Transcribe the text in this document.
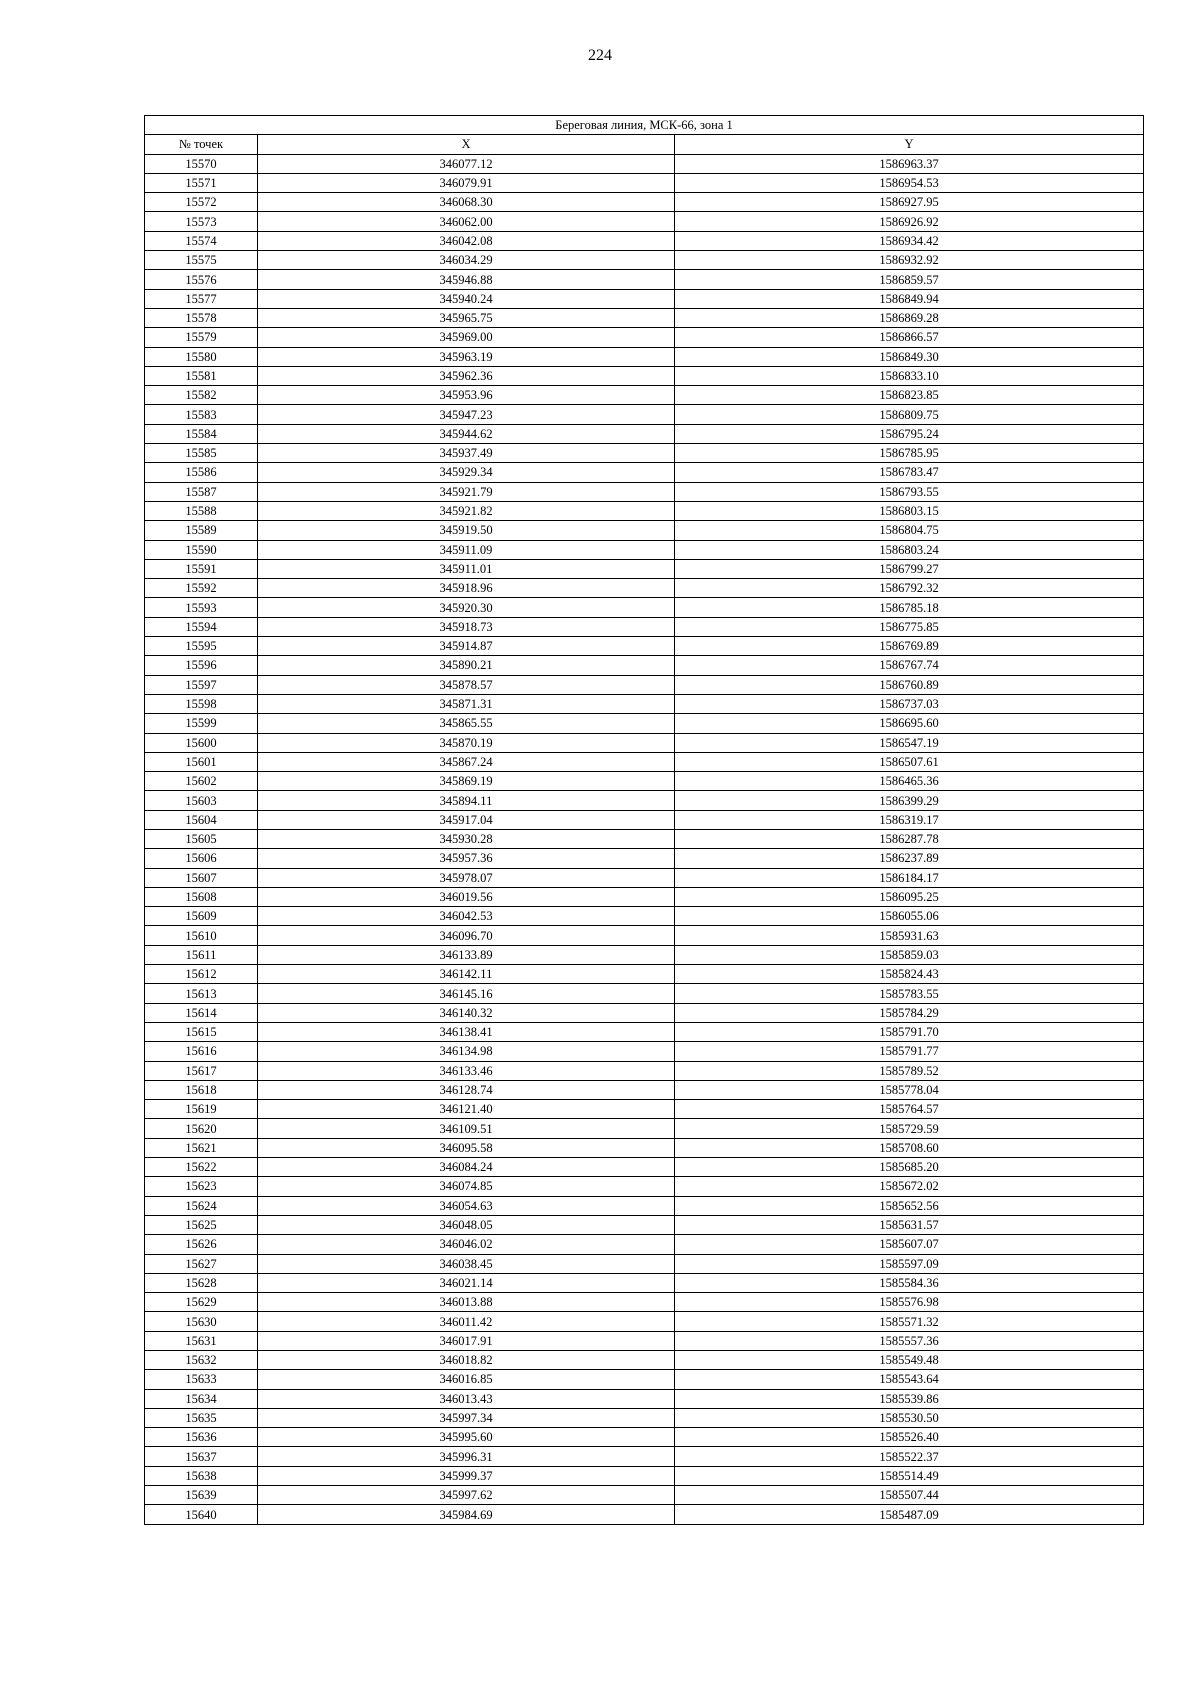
224
Береговая линия, МСК-66, зона 1		
№ точек	X	Y
15570	346077.12	1586963.37
15571	346079.91	1586954.53
15572	346068.30	1586927.95
15573	346062.00	1586926.92
15574	346042.08	1586934.42
15575	346034.29	1586932.92
15576	345946.88	1586859.57
15577	345940.24	1586849.94
15578	345965.75	1586869.28
15579	345969.00	1586866.57
15580	345963.19	1586849.30
15581	345962.36	1586833.10
15582	345953.96	1586823.85
15583	345947.23	1586809.75
15584	345944.62	1586795.24
15585	345937.49	1586785.95
15586	345929.34	1586783.47
15587	345921.79	1586793.55
15588	345921.82	1586803.15
15589	345919.50	1586804.75
15590	345911.09	1586803.24
15591	345911.01	1586799.27
15592	345918.96	1586792.32
15593	345920.30	1586785.18
15594	345918.73	1586775.85
15595	345914.87	1586769.89
15596	345890.21	1586767.74
15597	345878.57	1586760.89
15598	345871.31	1586737.03
15599	345865.55	1586695.60
15600	345870.19	1586547.19
15601	345867.24	1586507.61
15602	345869.19	1586465.36
15603	345894.11	1586399.29
15604	345917.04	1586319.17
15605	345930.28	1586287.78
15606	345957.36	1586237.89
15607	345978.07	1586184.17
15608	346019.56	1586095.25
15609	346042.53	1586055.06
15610	346096.70	1585931.63
15611	346133.89	1585859.03
15612	346142.11	1585824.43
15613	346145.16	1585783.55
15614	346140.32	1585784.29
15615	346138.41	1585791.70
15616	346134.98	1585791.77
15617	346133.46	1585789.52
15618	346128.74	1585778.04
15619	346121.40	1585764.57
15620	346109.51	1585729.59
15621	346095.58	1585708.60
15622	346084.24	1585685.20
15623	346074.85	1585672.02
15624	346054.63	1585652.56
15625	346048.05	1585631.57
15626	346046.02	1585607.07
15627	346038.45	1585597.09
15628	346021.14	1585584.36
15629	346013.88	1585576.98
15630	346011.42	1585571.32
15631	346017.91	1585557.36
15632	346018.82	1585549.48
15633	346016.85	1585543.64
15634	346013.43	1585539.86
15635	345997.34	1585530.50
15636	345995.60	1585526.40
15637	345996.31	1585522.37
15638	345999.37	1585514.49
15639	345997.62	1585507.44
15640	345984.69	1585487.09
